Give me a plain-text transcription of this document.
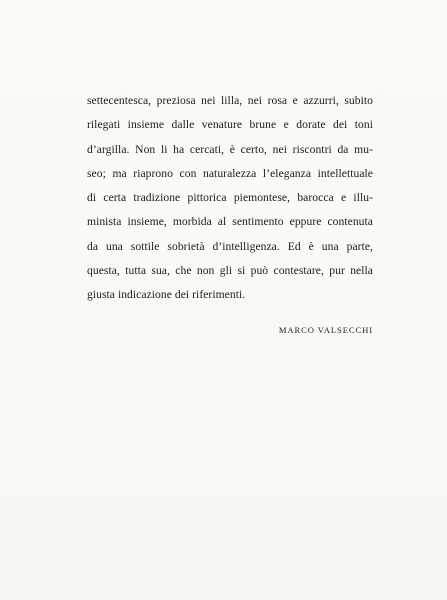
settecentesca, preziosa nei lilla, nei rosa e azzurri, subito
rilegati insieme dalle venature brune e dorate dei toni
d’argilla. Non li ha cercati, è certo, nei riscontri da mu-
seo; ma riaprono con naturalezza l’eleganza intellettuale
di certa tradizione pittorica piemontese, barocca e illu-
minista insieme, morbida al sentimento eppure contenuta
da una sottile sobrietà d’intelligenza. Ed è una parte,
questa, tutta sua, che non gli si può contestare, pur nella
giusta indicazione dei riferimenti.
MARCO VALSECCHI
